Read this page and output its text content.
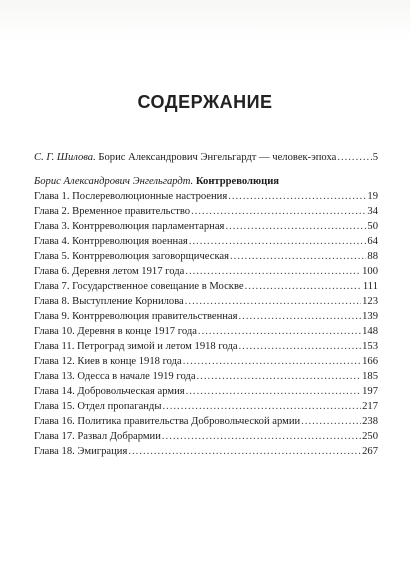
СОДЕРЖАНИЕ
С. Г. Шилова. Борис Александрович Энгельгардт — человек-эпоха .....	5
Борис Александрович Энгельгардт. Контрреволюция
Глава 1. Послереволюционные настроения .....	19
Глава 2. Временное правительство .....	34
Глава 3. Контрреволюция парламентарная .....	50
Глава 4. Контрреволюция военная .....	64
Глава 5. Контрреволюция заговорщическая .....	88
Глава 6. Деревня летом 1917 года .....	100
Глава 7. Государственное совещание в Москве .....	111
Глава 8. Выступление Корнилова .....	123
Глава 9. Контрреволюция правительственная .....	139
Глава 10. Деревня в конце 1917 года .....	148
Глава 11. Петроград зимой и летом 1918 года .....	153
Глава 12. Киев в конце 1918 года .....	166
Глава 13. Одесса в начале 1919 года .....	185
Глава 14. Добровольческая армия .....	197
Глава 15. Отдел пропаганды .....	217
Глава 16. Политика правительства Добровольческой армии .....	238
Глава 17. Развал Добрармии .....	250
Глава 18. Эмиграция .....	267
